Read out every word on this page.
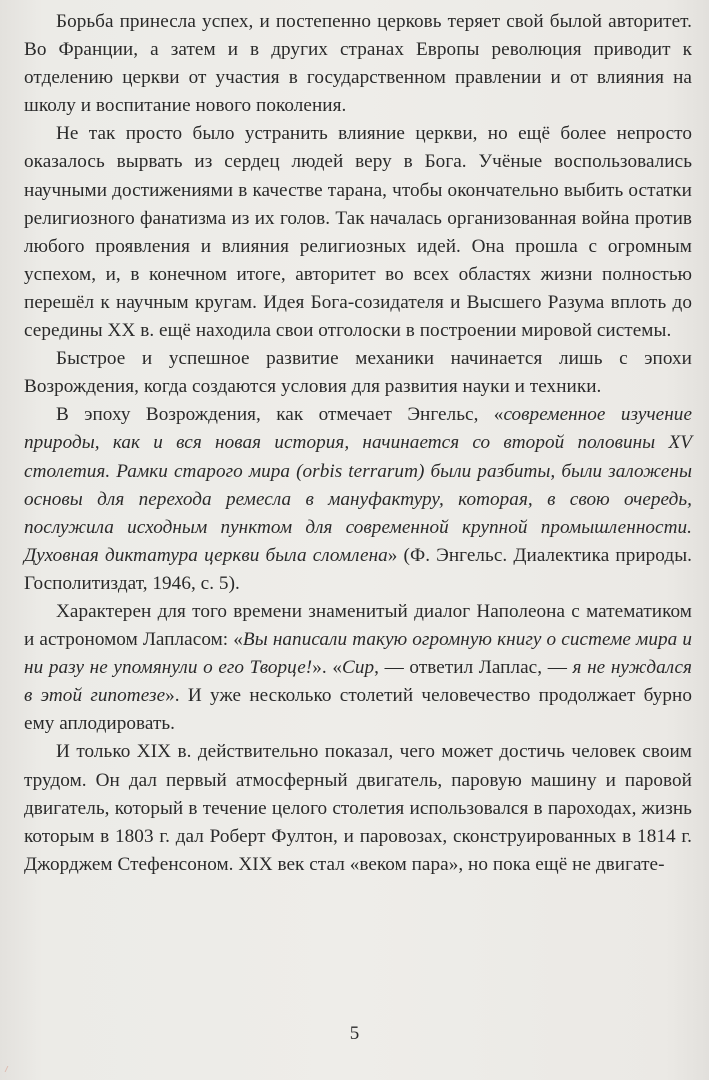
Борьба принесла успех, и постепенно церковь теряет свой былой авторитет. Во Франции, а затем и в других странах Европы революция приводит к отделению церкви от участия в государственном правлении и от влияния на школу и воспитание нового поколения.

Не так просто было устранить влияние церкви, но ещё более непросто оказалось вырвать из сердец людей веру в Бога. Учёные воспользовались научными достижениями в качестве тарана, чтобы окончательно выбить остатки религиозного фанатизма из их голов. Так началась организованная война против любого проявления и влияния религиозных идей. Она прошла с огромным успехом, и, в конечном итоге, авторитет во всех областях жизни полностью перешёл к научным кругам. Идея Бога-созидателя и Высшего Разума вплоть до середины XX в. ещё находила свои отголоски в построении мировой системы.

Быстрое и успешное развитие механики начинается лишь с эпохи Возрождения, когда создаются условия для развития науки и техники.

В эпоху Возрождения, как отмечает Энгельс, «современное изучение природы, как и вся новая история, начинается со второй половины XV столетия. Рамки старого мира (orbis terrarum) были разбиты, были заложены основы для перехода ремесла в мануфактуру, которая, в свою очередь, послужила исходным пунктом для современной крупной промышленности. Духовная диктатура церкви была сломлена» (Ф. Энгельс. Диалектика природы. Госполитиздат, 1946, с. 5).

Характерен для того времени знаменитый диалог Наполеона с математиком и астрономом Лапласом: «Вы написали такую огромную книгу о системе мира и ни разу не упомянули о его Творце!». «Сир, — ответил Лаплас, — я не нуждался в этой гипотезе». И уже несколько столетий человечество продолжает бурно ему аплодировать.

И только XIX в. действительно показал, чего может достичь человек своим трудом. Он дал первый атмосферный двигатель, паровую машину и паровой двигатель, который в течение целого столетия использовался в пароходах, жизнь которым в 1803 г. дал Роберт Фултон, и паровозах, сконструированных в 1814 г. Джорджем Стефенсоном. XIX век стал «веком пара», но пока ещё не двигате-

5
